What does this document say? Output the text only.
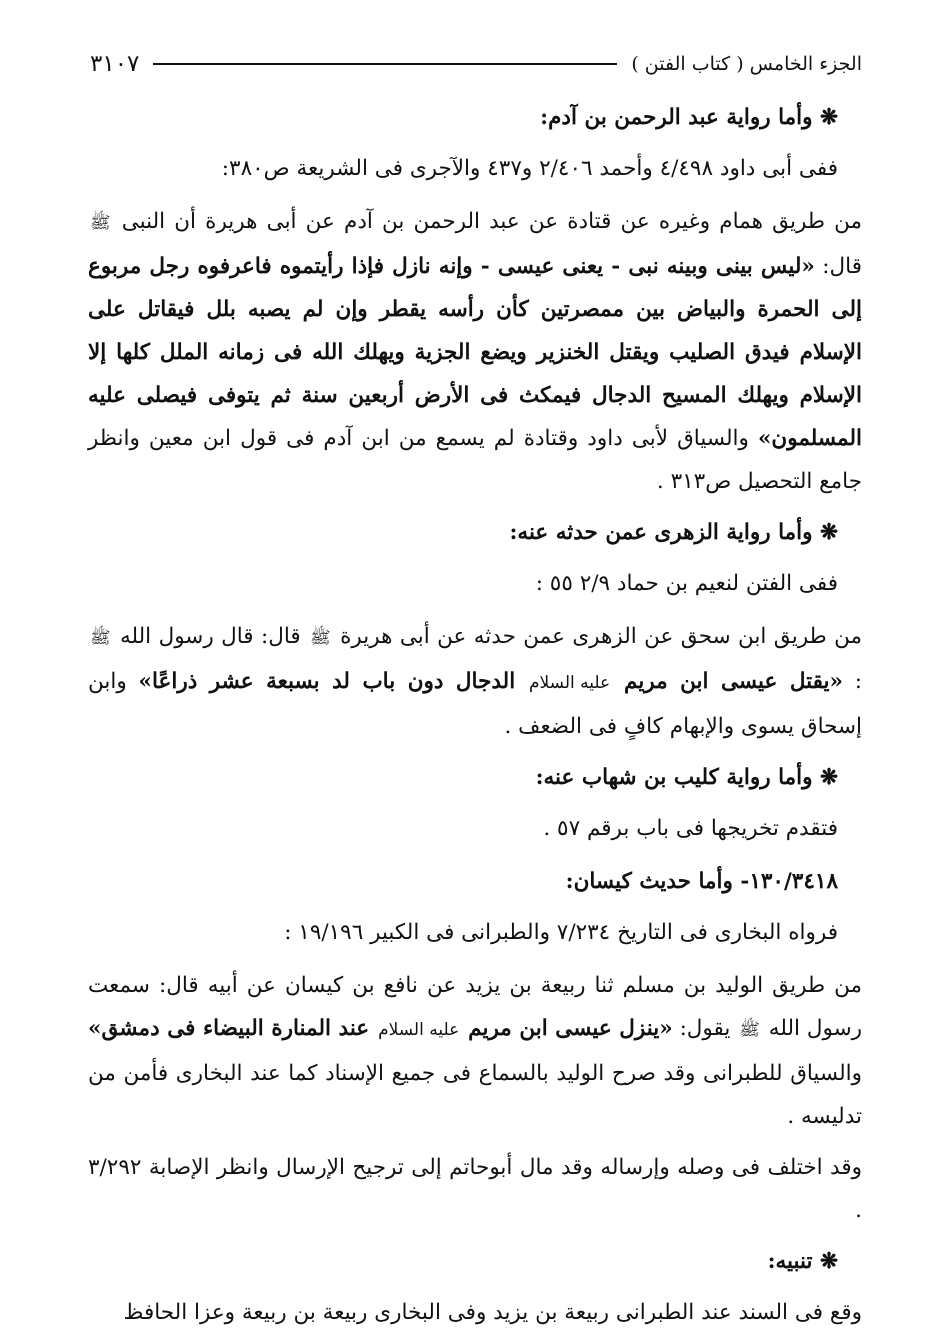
الجزء الخامس ( كتاب الفتن )
٣١٠٧

❋ وأما رواية عبد الرحمن بن آدم:

ففى أبى داود ٤/٤٩٨ وأحمد ٢/٤٠٦ و٤٣٧ والآجرى فى الشريعة ص٣٨٠:

من طريق همام وغيره عن قتادة عن عبد الرحمن بن آدم عن أبى هريرة أن النبى ﷺ قال: «ليس بينى وبينه نبى - يعنى عيسى - وإنه نازل فإذا رأيتموه فاعرفوه رجل مربوع إلى الحمرة والبياض بين ممصرتين كأن رأسه يقطر وإن لم يصبه بلل فيقاتل على الإسلام فيدق الصليب ويقتل الخنزير ويضع الجزية ويهلك الله فى زمانه الملل كلها إلا الإسلام ويهلك المسيح الدجال فيمكث فى الأرض أربعين سنة ثم يتوفى فيصلى عليه المسلمون» والسياق لأبى داود وقتادة لم يسمع من ابن آدم فى قول ابن معين وانظر جامع التحصيل ص٣١٣ .

❋ وأما رواية الزهرى عمن حدثه عنه:

ففى الفتن لنعيم بن حماد ٢/٩ ٥٥ :

من طريق ابن سحق عن الزهرى عمن حدثه عن أبى هريرة ﷺ قال: قال رسول الله ﷺ : «يقتل عيسى ابن مريم عليه السلام الدجال دون باب لد بسبعة عشر ذراعًا» وابن إسحاق يسوى والإبهام كافٍ فى الضعف .

❋ وأما رواية كليب بن شهاب عنه:

فتقدم تخريجها فى باب برقم ٥٧ .

١٣٠/٣٤١٨- وأما حديث كيسان:

فرواه البخارى فى التاريخ ٧/٢٣٤ والطبرانى فى الكبير ١٩/١٩٦ :

من طريق الوليد بن مسلم ثنا ربيعة بن يزيد عن نافع بن كيسان عن أبيه قال: سمعت رسول الله ﷺ يقول: «ينزل عيسى ابن مريم عليه السلام عند المنارة البيضاء فى دمشق» والسياق للطبرانى وقد صرح الوليد بالسماع فى جميع الإسناد كما عند البخارى فأمن من تدليسه .

وقد اختلف فى وصله وإرساله وقد مال أبوحاتم إلى ترجيح الإرسال وانظر الإصابة ٣/٢٩٢ .

❋ تنبيه:

وقع فى السند عند الطبرانى ربيعة بن يزيد وفى البخارى ربيعة بن ربيعة وعزا الحافظ
